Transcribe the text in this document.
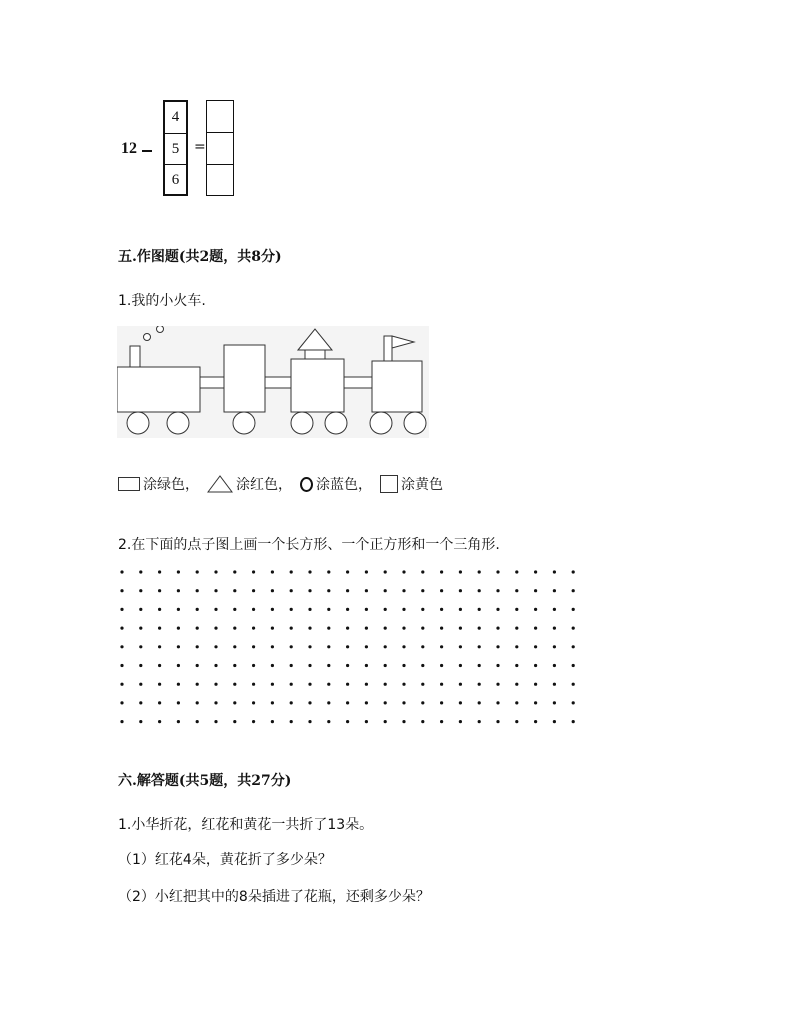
12
4
5
6
=
五.作图题(共2题，共8分)
1.我的小火车.
涂绿色，	涂红色， 涂蓝色， 涂黄色
2.在下面的点子图上画一个长方形、一个正方形和一个三角形.
六.解答题(共5题，共27分)
1.小华折花，红花和黄花一共折了13朵。
（1）红花4朵，黄花折了多少朵？
（2）小红把其中的8朵插进了花瓶，还剩多少朵？
